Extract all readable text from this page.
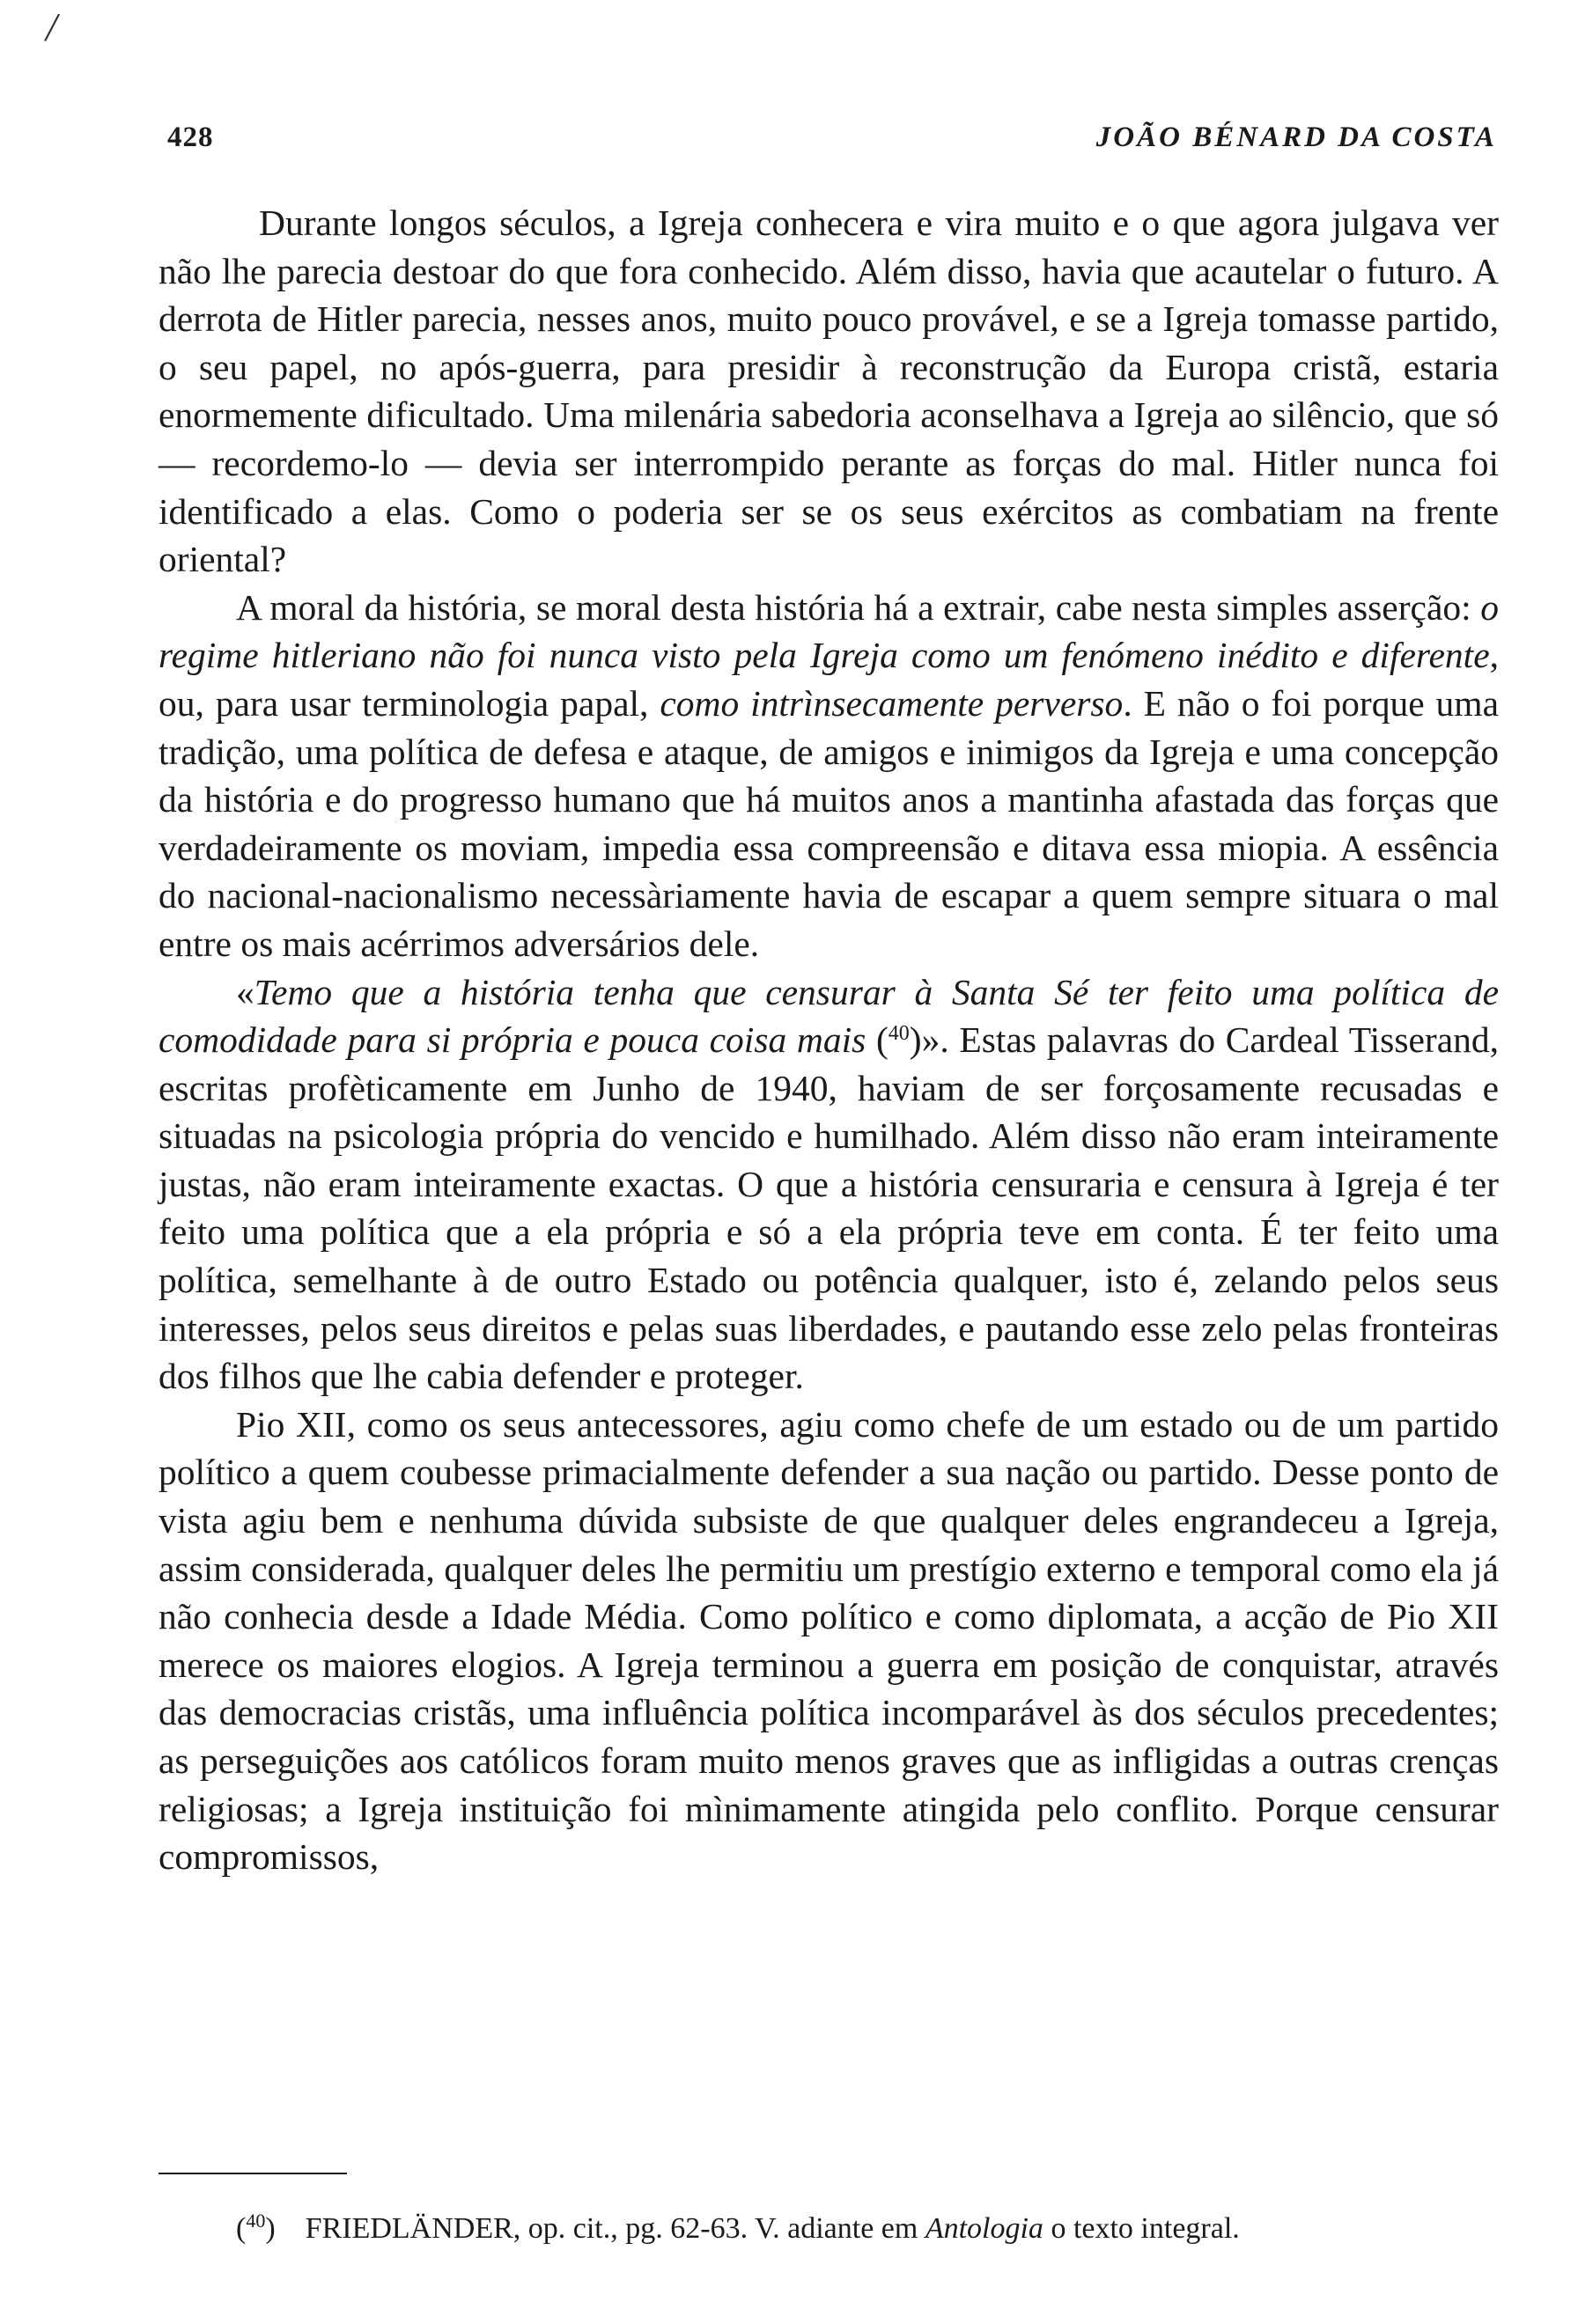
/
428	JOÃO BÉNARD DA COSTA

Durante longos séculos, a Igreja conhecera e vira muito e o que agora julgava ver não lhe parecia destoar do que fora conhecido. Além disso, havia que acautelar o futuro. A derrota de Hitler parecia, nesses anos, muito pouco provável, e se a Igreja tomasse partido, o seu papel, no após-guerra, para presidir à reconstrução da Europa cristã, estaria enormemente dificultado. Uma milenária sabedoria aconselhava a Igreja ao silêncio, que só — recordemo-lo — devia ser interrompido perante as forças do mal. Hitler nunca foi identificado a elas. Como o poderia ser se os seus exércitos as combatiam na frente oriental?

A moral da história, se moral desta história há a extrair, cabe nesta simples asserção: o regime hitleriano não foi nunca visto pela Igreja como um fenómeno inédito e diferente, ou, para usar terminologia papal, como intrìnsecamente perverso. E não o foi porque uma tradição, uma política de defesa e ataque, de amigos e inimigos da Igreja e uma concepção da história e do progresso humano que há muitos anos a mantinha afastada das forças que verdadeiramente os moviam, impedia essa compreensão e ditava essa miopia. A essência do nacional-nacionalismo necessàriamente havia de escapar a quem sempre situara o mal entre os mais acérrimos adversários dele.

«Temo que a história tenha que censurar à Santa Sé ter feito uma política de comodidade para si própria e pouca coisa mais ($^{40}$)». Estas palavras do Cardeal Tisserand, escritas profèticamente em Junho de 1940, haviam de ser forçosamente recusadas e situadas na psicologia própria do vencido e humilhado. Além disso não eram inteiramente justas, não eram inteiramente exactas. O que a história censuraria e censura à Igreja é ter feito uma política que a ela própria e só a ela própria teve em conta. É ter feito uma política, semelhante à de outro Estado ou potência qualquer, isto é, zelando pelos seus interesses, pelos seus direitos e pelas suas liberdades, e pautando esse zelo pelas fronteiras dos filhos que lhe cabia defender e proteger.

Pio XII, como os seus antecessores, agiu como chefe de um estado ou de um partido político a quem coubesse primacialmente defender a sua nação ou partido. Desse ponto de vista agiu bem e nenhuma dúvida subsiste de que qualquer deles engrandeceu a Igreja, assim considerada, qualquer deles lhe permitiu um prestígio externo e temporal como ela já não conhecia desde a Idade Média. Como político e como diplomata, a acção de Pio XII merece os maiores elogios. A Igreja terminou a guerra em posição de conquistar, através das democracias cristãs, uma influência política incomparável às dos séculos precedentes; as perseguições aos católicos foram muito menos graves que as infligidas a outras crenças religiosas; a Igreja instituição foi mìnimamente atingida pelo conflito. Porque censurar compromissos,

($^{40}$) FRIEDLÄNDER, op. cit., pg. 62-63. V. adiante em Antologia o texto integral.
